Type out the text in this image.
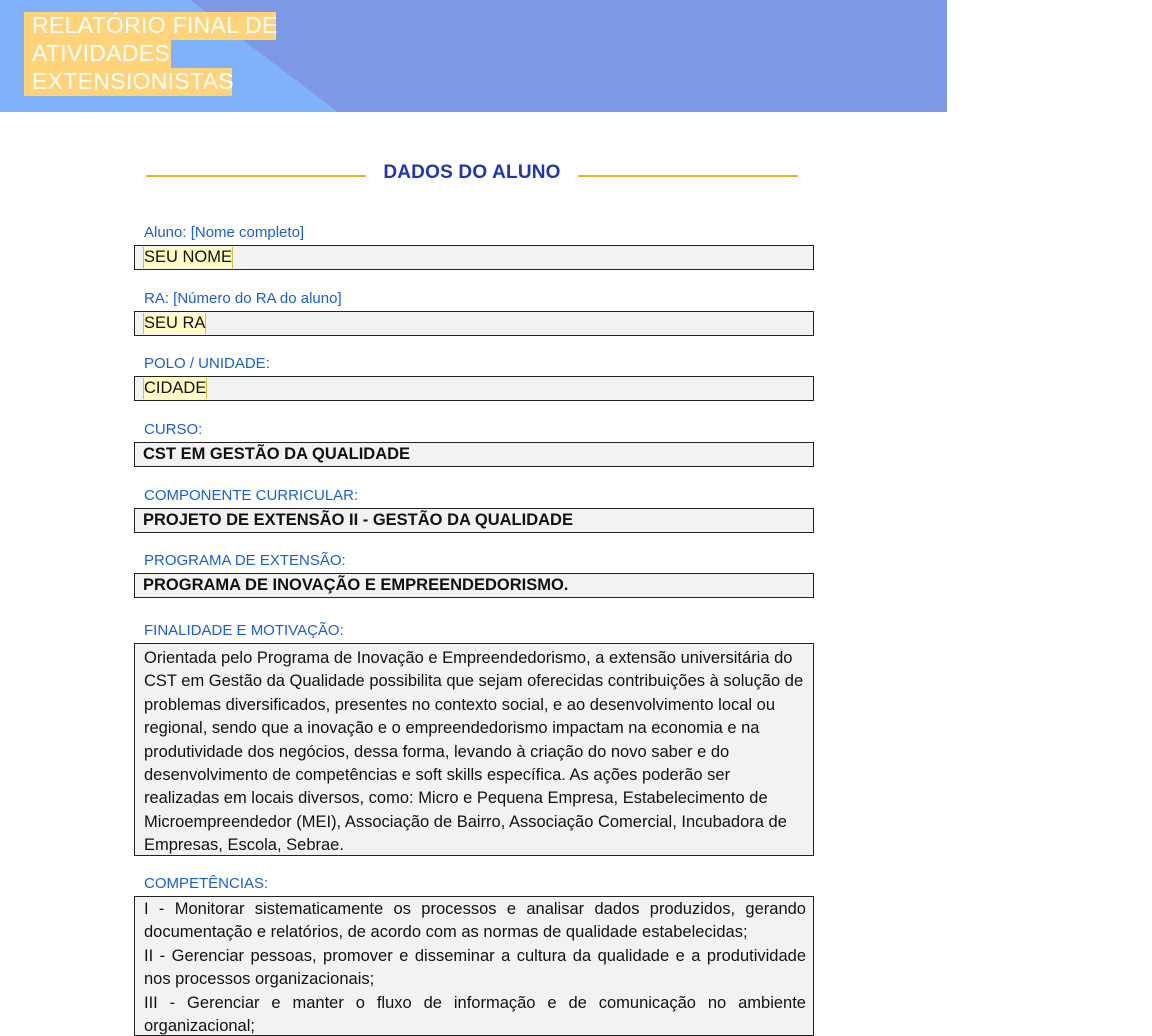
RELATÓRIO FINAL DE
ATIVIDADES
EXTENSIONISTAS
DADOS DO ALUNO
Aluno: [Nome completo]
SEU NOME
RA: [Número do RA do aluno]
SEU RA
POLO / UNIDADE:
CIDADE
CURSO:
CST EM GESTÃO DA QUALIDADE
COMPONENTE CURRICULAR:
PROJETO DE EXTENSÃO II - GESTÃO DA QUALIDADE
PROGRAMA DE EXTENSÃO:
PROGRAMA DE INOVAÇÃO E EMPREENDEDORISMO.
FINALIDADE E MOTIVAÇÃO:
Orientada pelo Programa de Inovação e Empreendedorismo, a extensão universitária do CST em Gestão da Qualidade possibilita que sejam oferecidas contribuições à solução de problemas diversificados, presentes no contexto social, e ao desenvolvimento local ou regional, sendo que a inovação e o empreendedorismo impactam na economia e na produtividade dos negócios, dessa forma, levando à criação do novo saber e do desenvolvimento de competências e soft skills específica. As ações poderão ser realizadas em locais diversos, como: Micro e Pequena Empresa, Estabelecimento de Microempreendedor (MEI), Associação de Bairro, Associação Comercial, Incubadora de Empresas, Escola, Sebrae.
COMPETÊNCIAS:

I - Monitorar sistematicamente os processos e analisar dados produzidos, gerando documentação e relatórios, de acordo com as normas de qualidade estabelecidas;

II - Gerenciar pessoas, promover e disseminar a cultura da qualidade e a produtividade nos processos organizacionais;

III - Gerenciar e manter o fluxo de informação e de comunicação no ambiente organizacional;
